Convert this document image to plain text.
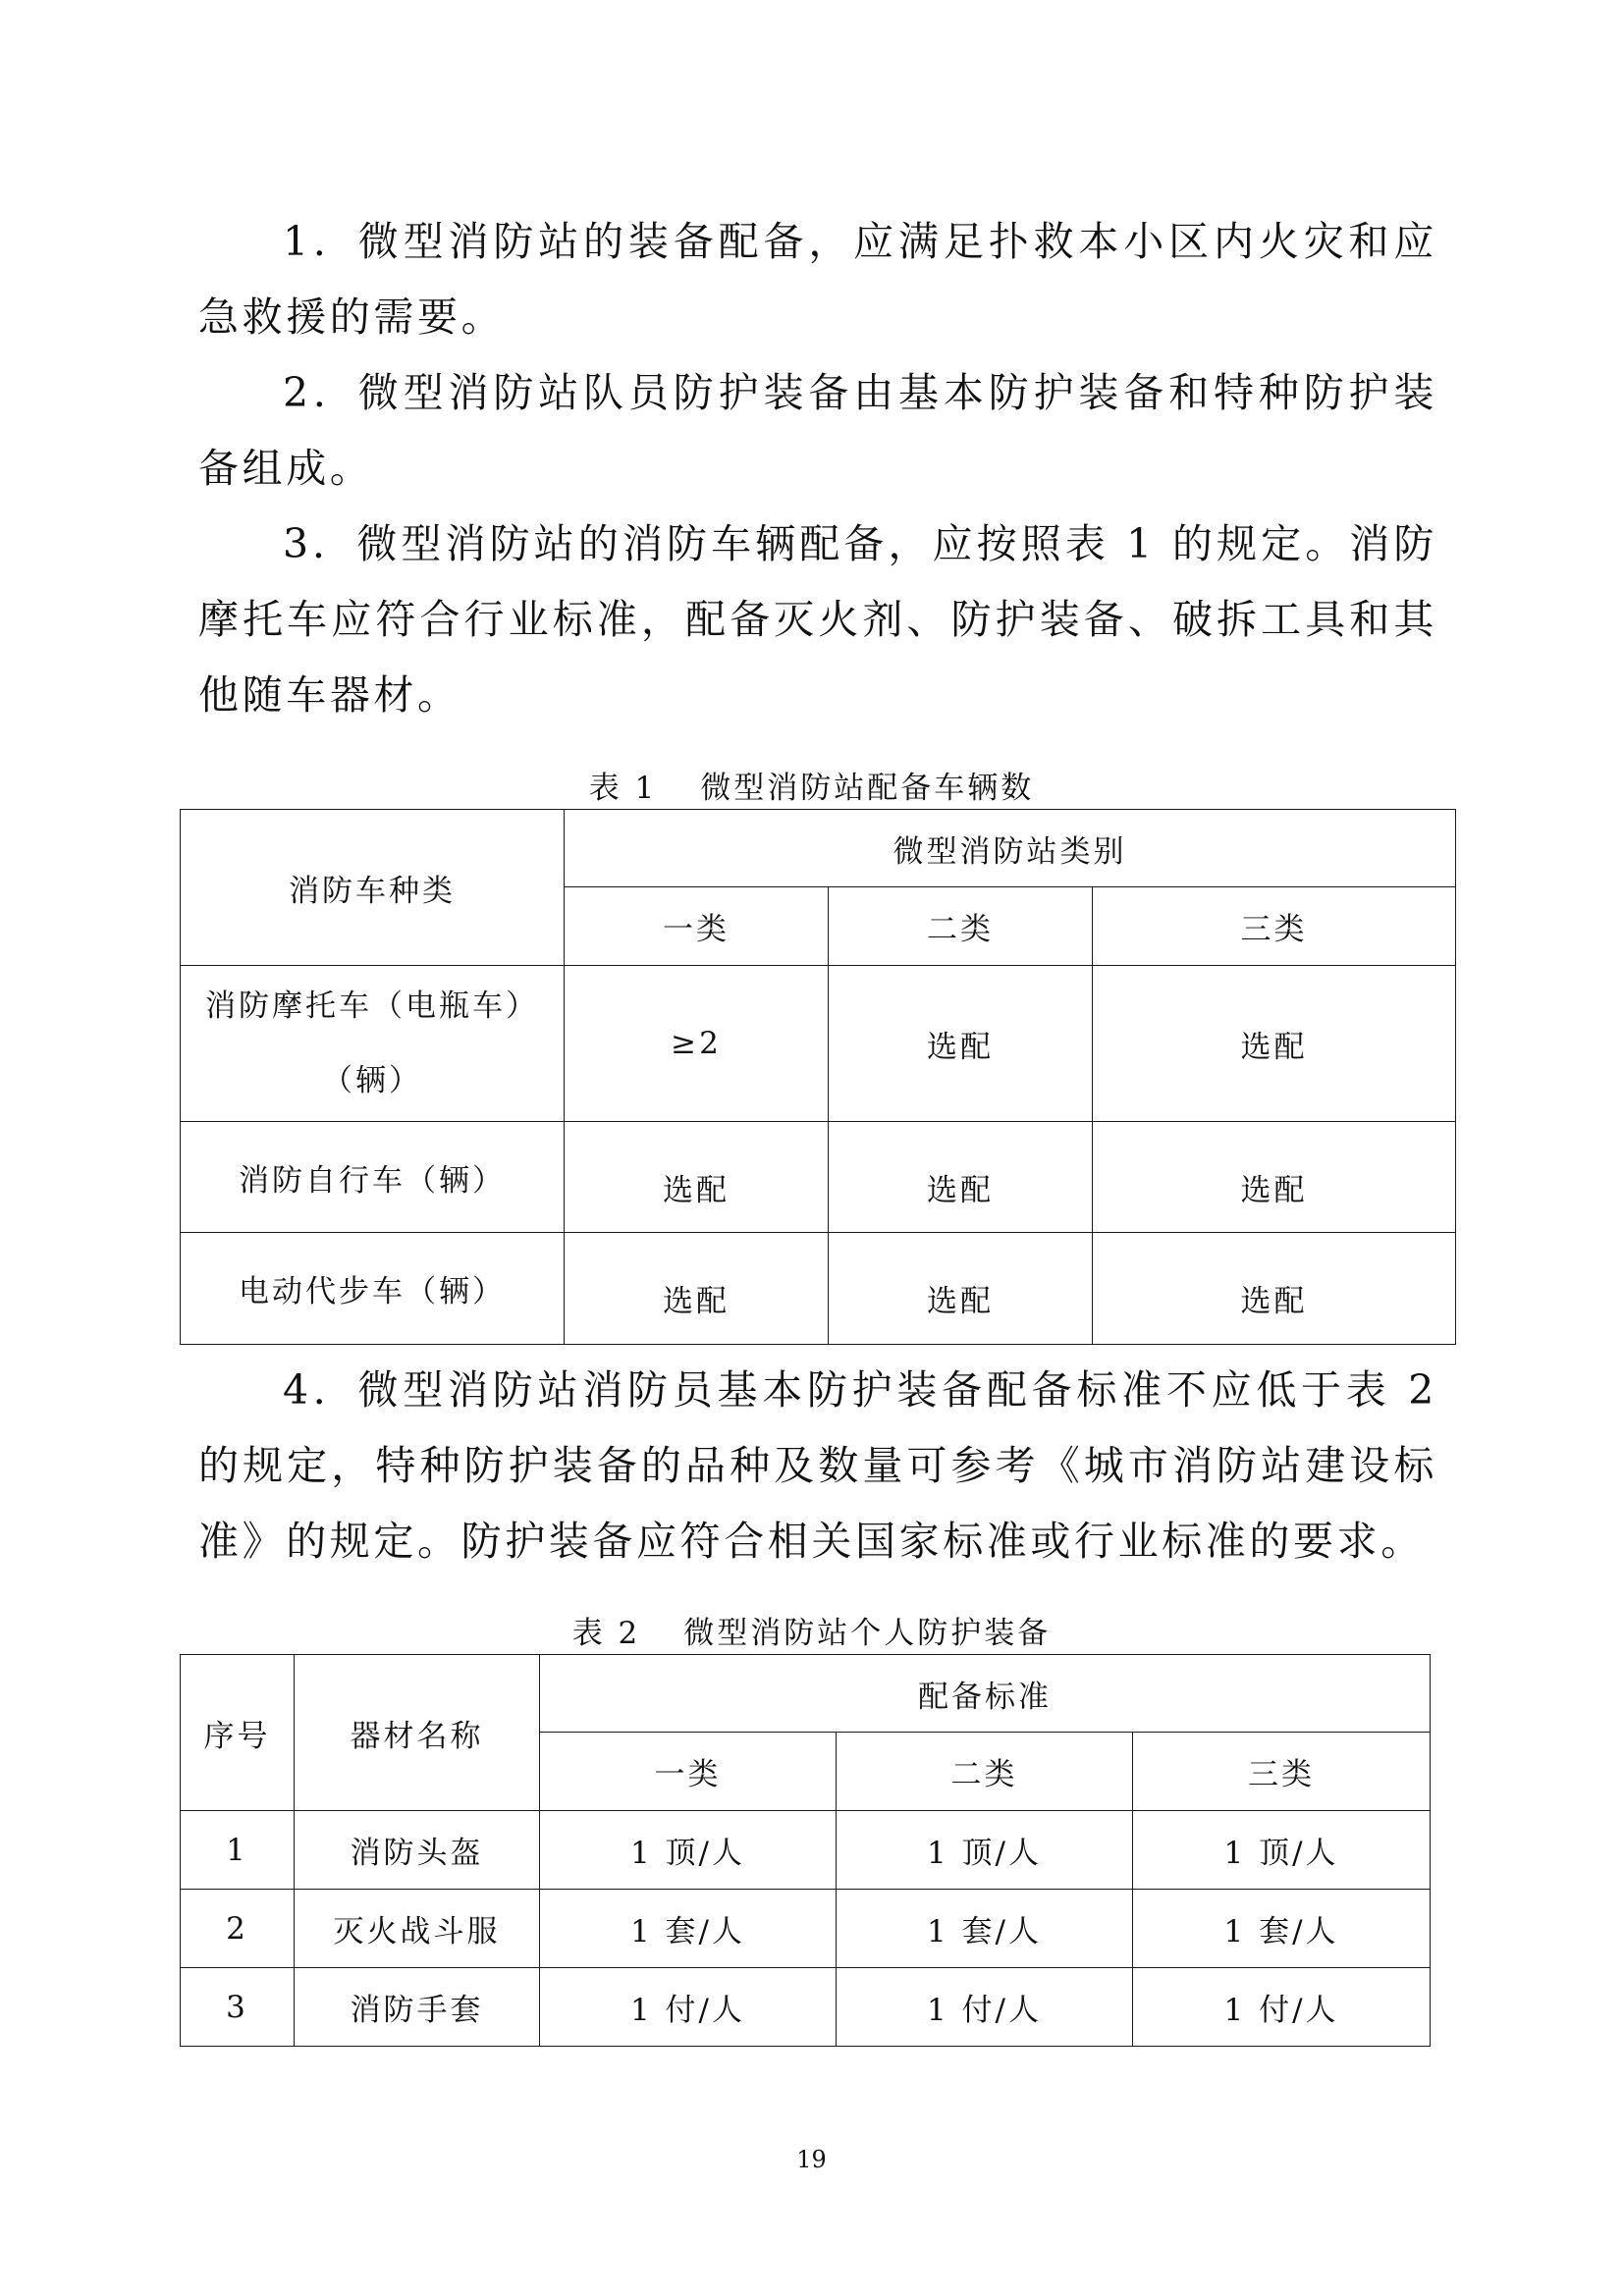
1．微型消防站的装备配备，应满足扑救本小区内火灾和应急救援的需要。

2．微型消防站队员防护装备由基本防护装备和特种防护装备组成。

3．微型消防站的消防车辆配备，应按照表 1 的规定。消防摩托车应符合行业标准，配备灭火剂、防护装备、破拆工具和其他随车器材。

表 1 微型消防站配备车辆数

消防车种类	微型消防站类别		
	一类	二类	三类
消防摩托车（电瓶车）
（辆）	≥2	选配	选配
消防自行车（辆）	选配	选配	选配
电动代步车（辆）	选配	选配	选配

4．微型消防站消防员基本防护装备配备标准不应低于表 2 的规定，特种防护装备的品种及数量可参考《城市消防站建设标准》的规定。防护装备应符合相关国家标准或行业标准的要求。

表 2 微型消防站个人防护装备

序号	器材名称	配备标准		
		一类	二类	三类
1	消防头盔	1 顶/人	1 顶/人	1 顶/人
2	灭火战斗服	1 套/人	1 套/人	1 套/人
3	消防手套	1 付/人	1 付/人	1 付/人

19
